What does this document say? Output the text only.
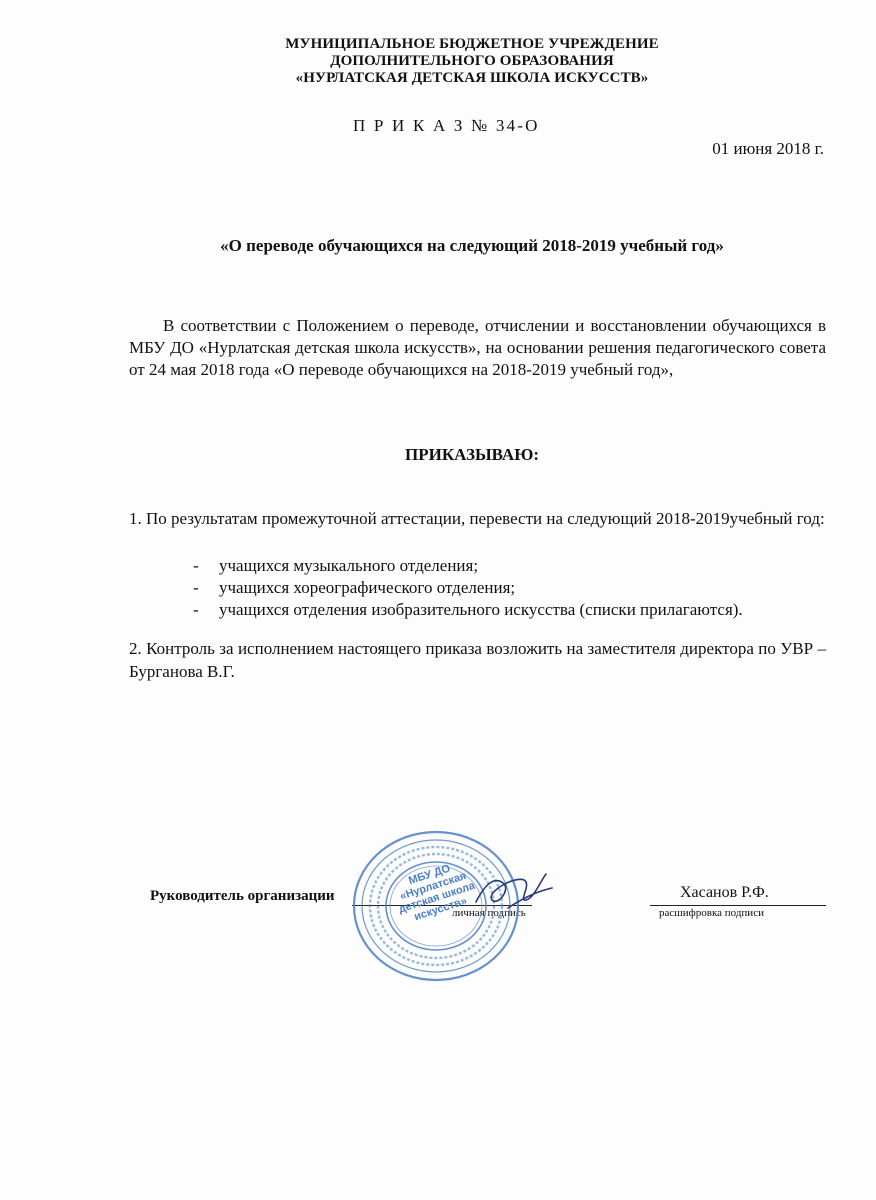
МУНИЦИПАЛЬНОЕ БЮДЖЕТНОЕ УЧРЕЖДЕНИЕ
ДОПОЛНИТЕЛЬНОГО ОБРАЗОВАНИЯ
«НУРЛАТСКАЯ ДЕТСКАЯ ШКОЛА ИСКУССТВ»
П Р И К А З № 34-О
01 июня 2018 г.
«О переводе обучающихся на следующий 2018-2019 учебный год»
В соответствии с Положением о переводе, отчислении и восстановлении обучающихся в МБУ ДО «Нурлатская детская школа искусств», на основании решения педагогического совета от 24 мая 2018 года «О переводе обучающихся на 2018-2019 учебный год»,
ПРИКАЗЫВАЮ:
1. По результатам промежуточной аттестации, перевести на следующий 2018-2019учебный год:
- учащихся музыкального отделения;
- учащихся хореографического отделения;
- учащихся отделения изобразительного искусства (списки прилагаются).
2. Контроль за исполнением настоящего приказа возложить на заместителя директора по УВР – Бурганова В.Г.
Руководитель организации
личная подпись
Хасанов Р.Ф.
расшифровка подписи
МБУ ДО «Нурлатская детская школа искусств»
